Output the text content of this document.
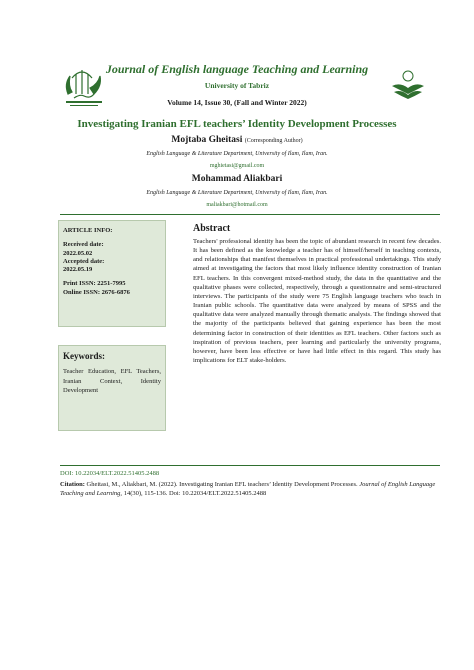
Journal of English language Teaching and Learning
University of Tabriz
Volume 14, Issue 30, (Fall and Winter 2022)
Investigating Iranian EFL teachers’ Identity Development Processes
Mojtaba Gheitasi (Corresponding Author)
English Language & Literature Department, University of Ilam, Ilam, Iran.
mghietasi@gmail.com
Mohammad Aliakbari
English Language & Literature Department, University of Ilam, Ilam, Iran.
maliakbari@hotmail.com
ARTICLE INFO:
Received date:
2022.05.02
Accepted date:
2022.05.19
Print ISSN: 2251-7995
Online ISSN: 2676-6876
Keywords:
Teacher Education, EFL Teachers, Iranian Context, Identity Development
Abstract
Teachers' professional identity has been the topic of abundant research in recent few decades. It has been defined as the knowledge a teacher has of himself/herself in teaching contexts, and relationships that manifest themselves in practical professional undertakings. This study aimed at investigating the factors that most likely influence identity construction of Iranian EFL teachers. In this convergent mixed-method study, the data in the quantitative and the qualitative phases were collected, respectively, through a questionnaire and semi-structured interviews. The participants of the study were 75 English language teachers who teach in Iranian public schools. The quantitative data were analyzed by means of SPSS and the qualitative data were analyzed manually through thematic analysis. The findings showed that the majority of the participants believed that gaining experience has been the most determining factor in construction of their identities as EFL teachers. Other factors such as inspiration of previous teachers, peer learning and particularly the university programs, however, have been less effective or have had little effect in this regard. This study has implications for ELT stake-holders.
DOI: 10.22034/ELT.2022.51405.2488
Citation: Gheitasi, M., Aliakbari, M. (2022). Investigating Iranian EFL teachers’ Identity Development Processes. Journal of English Language Teaching and Learning, 14(30), 115-136. Doi: 10.22034/ELT.2022.51405.2488
